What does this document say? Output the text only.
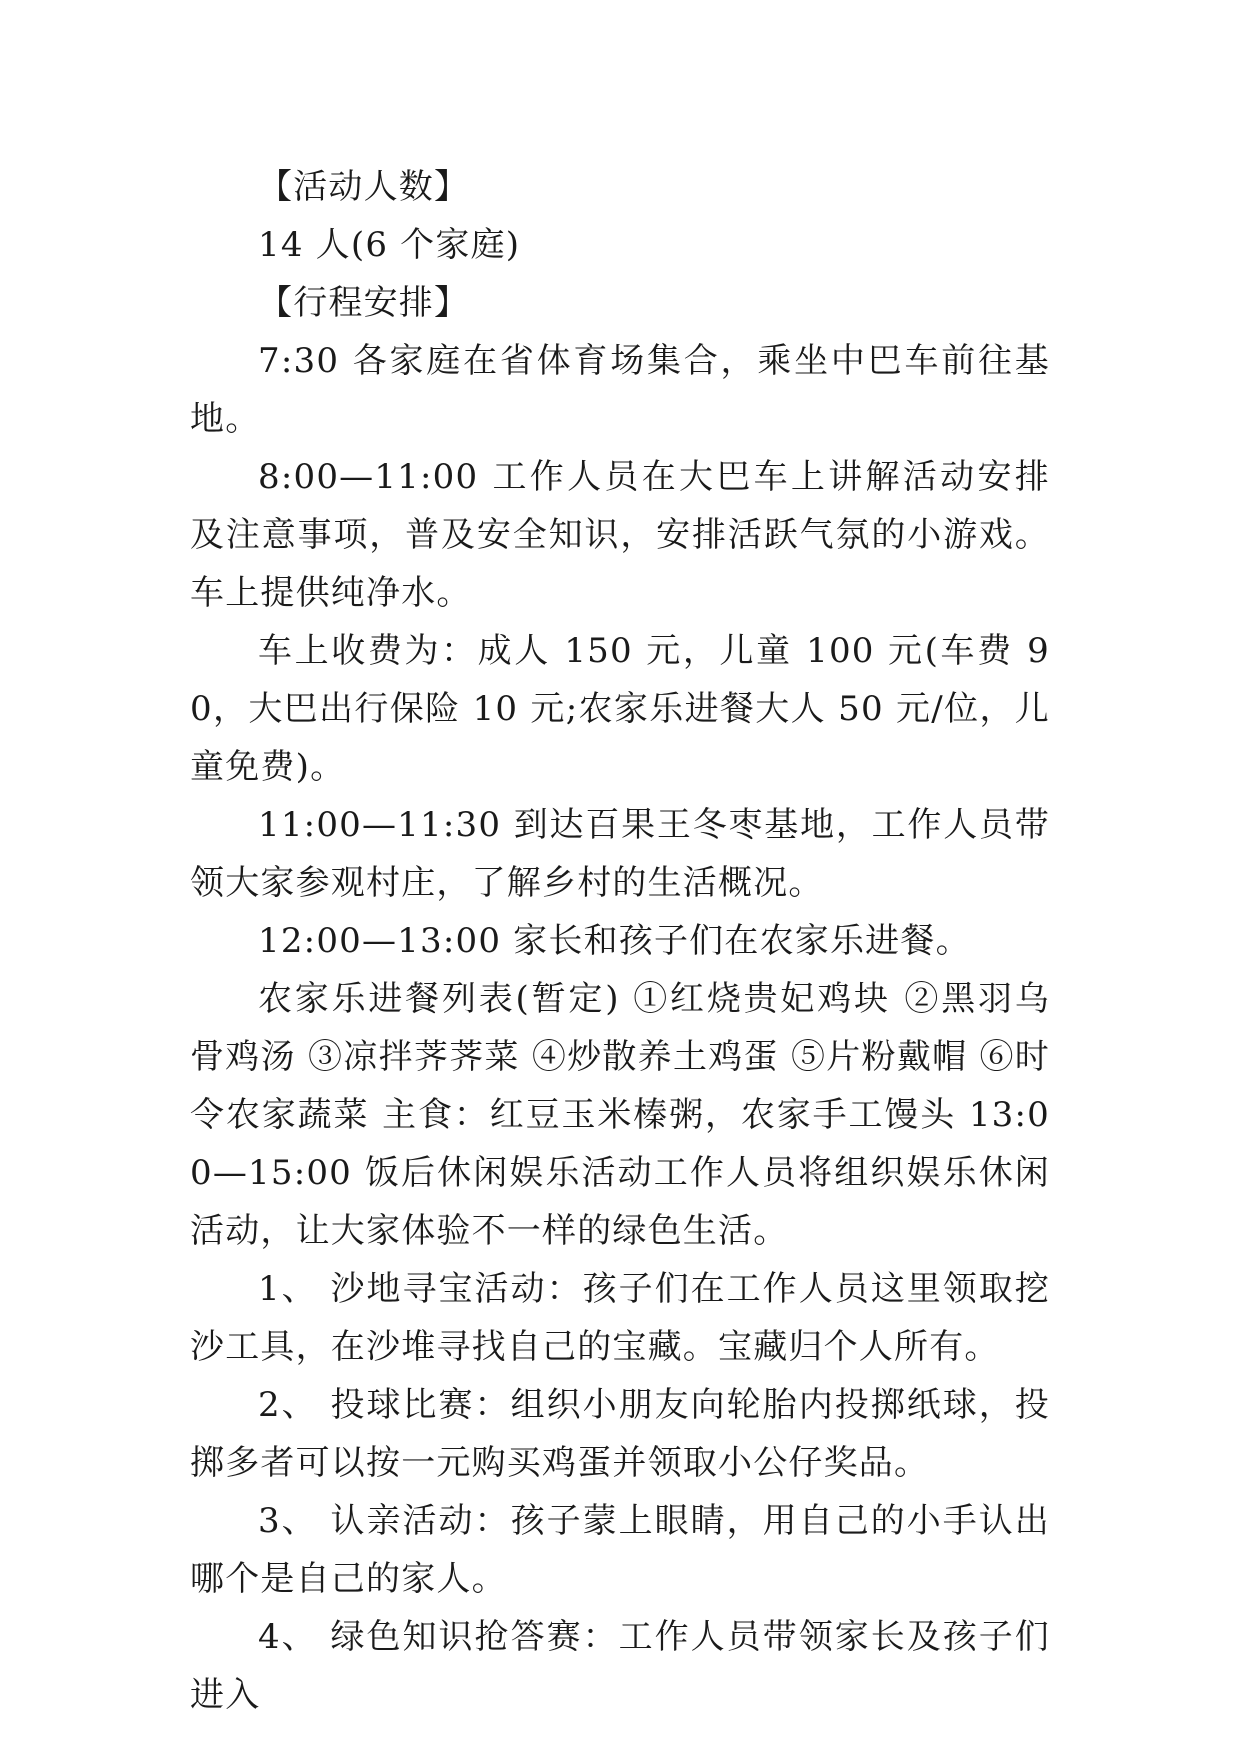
【活动人数】

14 人(6 个家庭)

【行程安排】

7:30 各家庭在省体育场集合，乘坐中巴车前往基地。

8:00—11:00 工作人员在大巴车上讲解活动安排及注意事项，普及安全知识，安排活跃气氛的小游戏。车上提供纯净水。

车上收费为：成人 150 元，儿童 100 元(车费 90，大巴出行保险 10 元;农家乐进餐大人 50 元/位，儿童免费)。

11:00—11:30 到达百果王冬枣基地，工作人员带领大家参观村庄，了解乡村的生活概况。

12:00—13:00 家长和孩子们在农家乐进餐。

农家乐进餐列表(暂定) ①红烧贵妃鸡块 ②黑羽乌骨鸡汤 ③凉拌荠荠菜 ④炒散养土鸡蛋 ⑤片粉戴帽 ⑥时令农家蔬菜 主食：红豆玉米榛粥，农家手工馒头 13:00—15:00 饭后休闲娱乐活动工作人员将组织娱乐休闲活动，让大家体验不一样的绿色生活。

1、 沙地寻宝活动：孩子们在工作人员这里领取挖沙工具，在沙堆寻找自己的宝藏。宝藏归个人所有。

2、 投球比赛：组织小朋友向轮胎内投掷纸球，投掷多者可以按一元购买鸡蛋并领取小公仔奖品。

3、 认亲活动：孩子蒙上眼睛，用自己的小手认出哪个是自己的家人。

4、 绿色知识抢答赛：工作人员带领家长及孩子们进入
